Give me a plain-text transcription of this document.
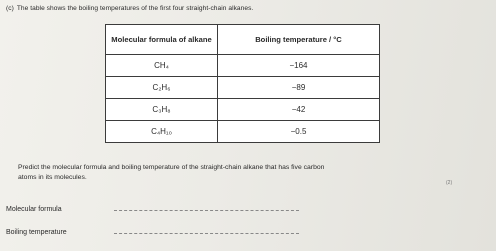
(c) The table shows the boiling temperatures of the first four straight-chain alkanes.
Molecular formula of alkane	Boiling temperature / °C
CH₄	−164
C₂H₆	−89
C₃H₈	−42
C₄H₁₀	−0.5
Predict the molecular formula and boiling temperature of the straight-chain alkane that has five carbon
atoms in its molecules.
(2)
Molecular formula
Boiling temperature
